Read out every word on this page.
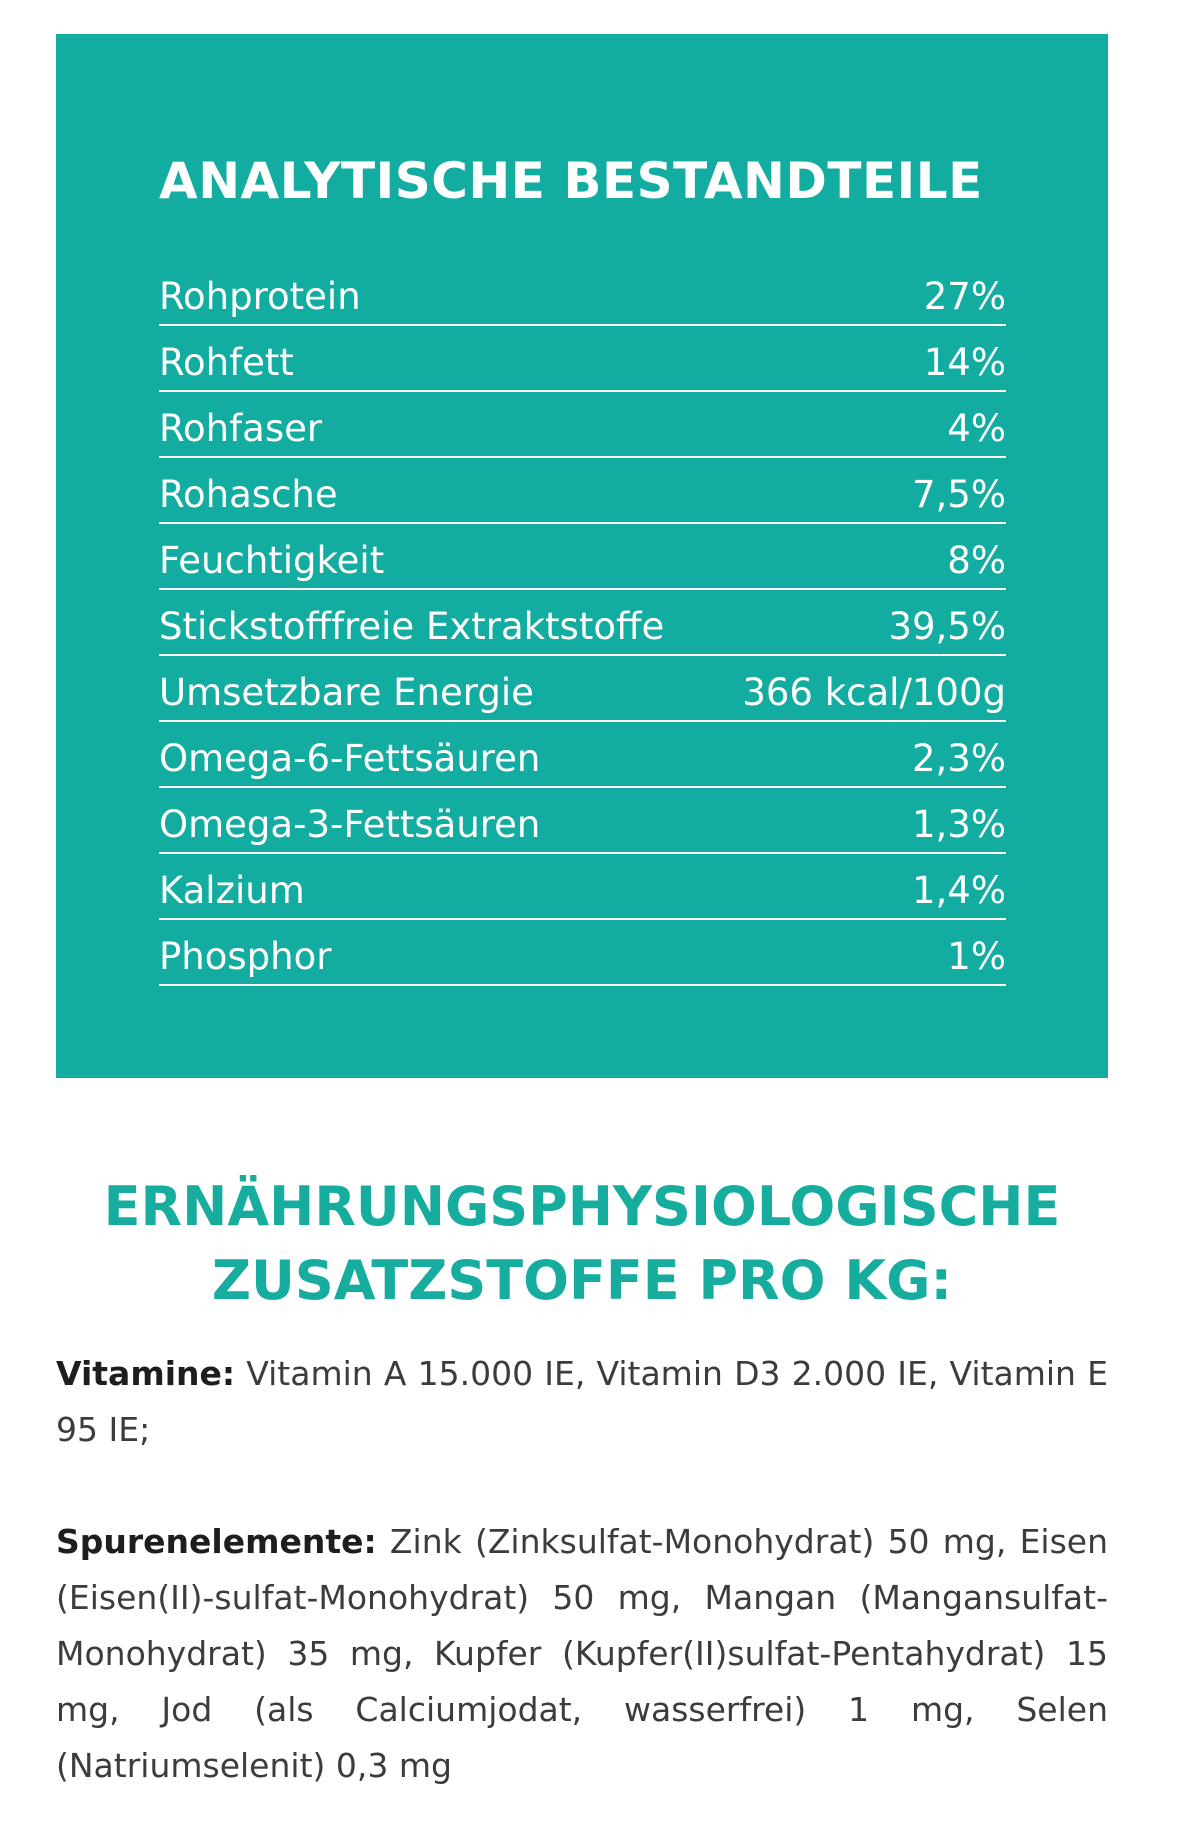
ANALYTISCHE BESTANDTEILE
Rohprotein	27%
Rohfett	14%
Rohfaser	4%
Rohasche	7,5%
Feuchtigkeit	8%
Stickstofffreie Extraktstoffe	39,5%
Umsetzbare Energie	366 kcal/100g
Omega-6-Fettsäuren	2,3%
Omega-3-Fettsäuren	1,3%
Kalzium	1,4%
Phosphor	1%
ERNÄHRUNGSPHYSIOLOGISCHE
ZUSATZSTOFFE PRO KG:

Vitamine: Vitamin A 15.000 IE, Vitamin D3 2.000 IE, Vitamin E 95 IE;

Spurenelemente: Zink (Zinksulfat-Monohydrat) 50 mg, Eisen (Eisen(II)-sulfat-Monohydrat) 50 mg, Mangan (Mangansulfat-Monohydrat) 35 mg, Kupfer (Kupfer(II)sulfat-Pentahydrat) 15 mg, Jod (als Calciumjodat, wasserfrei) 1 mg, Selen (Natriumselenit) 0,3 mg
